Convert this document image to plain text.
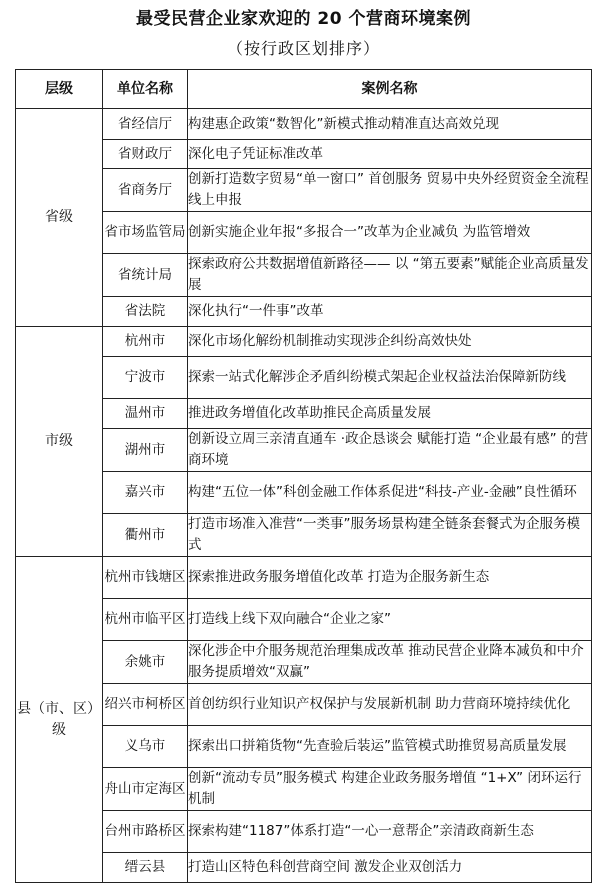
最受民营企业家欢迎的 20 个营商环境案例
（按行政区划排序）
层级	单位名称	案例名称
省级	省经信厅	构建惠企政策“数智化”新模式推动精准直达高效兑现
	省财政厅	深化电子凭证标准改革
	省商务厅	创新打造数字贸易“单一窗口” 首创服务 贸易中央外经贸资金全流程线上申报
	省市场监管局	创新实施企业年报“多报合一”改革为企业减负 为监管增效
	省统计局	探索政府公共数据增值新路径—— 以 “第五要素”赋能企业高质量发展
	省法院	深化执行“一件事”改革
市级	杭州市	深化市场化解纷机制推动实现涉企纠纷高效快处
	宁波市	探索一站式化解涉企矛盾纠纷模式架起企业权益法治保障新防线
	温州市	推进政务增值化改革助推民企高质量发展
	湖州市	创新设立周三亲清直通车 ·政企恳谈会 赋能打造 “企业最有感” 的营商环境
	嘉兴市	构建“五位一体”科创金融工作体系促进“科技-产业-金融”良性循环
	衢州市	打造市场准入准营“一类事”服务场景构建全链条套餐式为企服务模式
县（市、区）级	杭州市钱塘区	探索推进政务服务增值化改革 打造为企服务新生态
	杭州市临平区	打造线上线下双向融合“企业之家”
	余姚市	深化涉企中介服务规范治理集成改革 推动民营企业降本减负和中介服务提质增效“双赢”
	绍兴市柯桥区	首创纺织行业知识产权保护与发展新机制 助力营商环境持续优化
	义乌市	探索出口拼箱货物“先查验后装运”监管模式助推贸易高质量发展
	舟山市定海区	创新“流动专员”服务模式 构建企业政务服务增值 “1+X” 闭环运行机制
	台州市路桥区	探索构建“1187”体系打造“一心一意帮企”亲清政商新生态
	缙云县	打造山区特色科创营商空间 激发企业双创活力
